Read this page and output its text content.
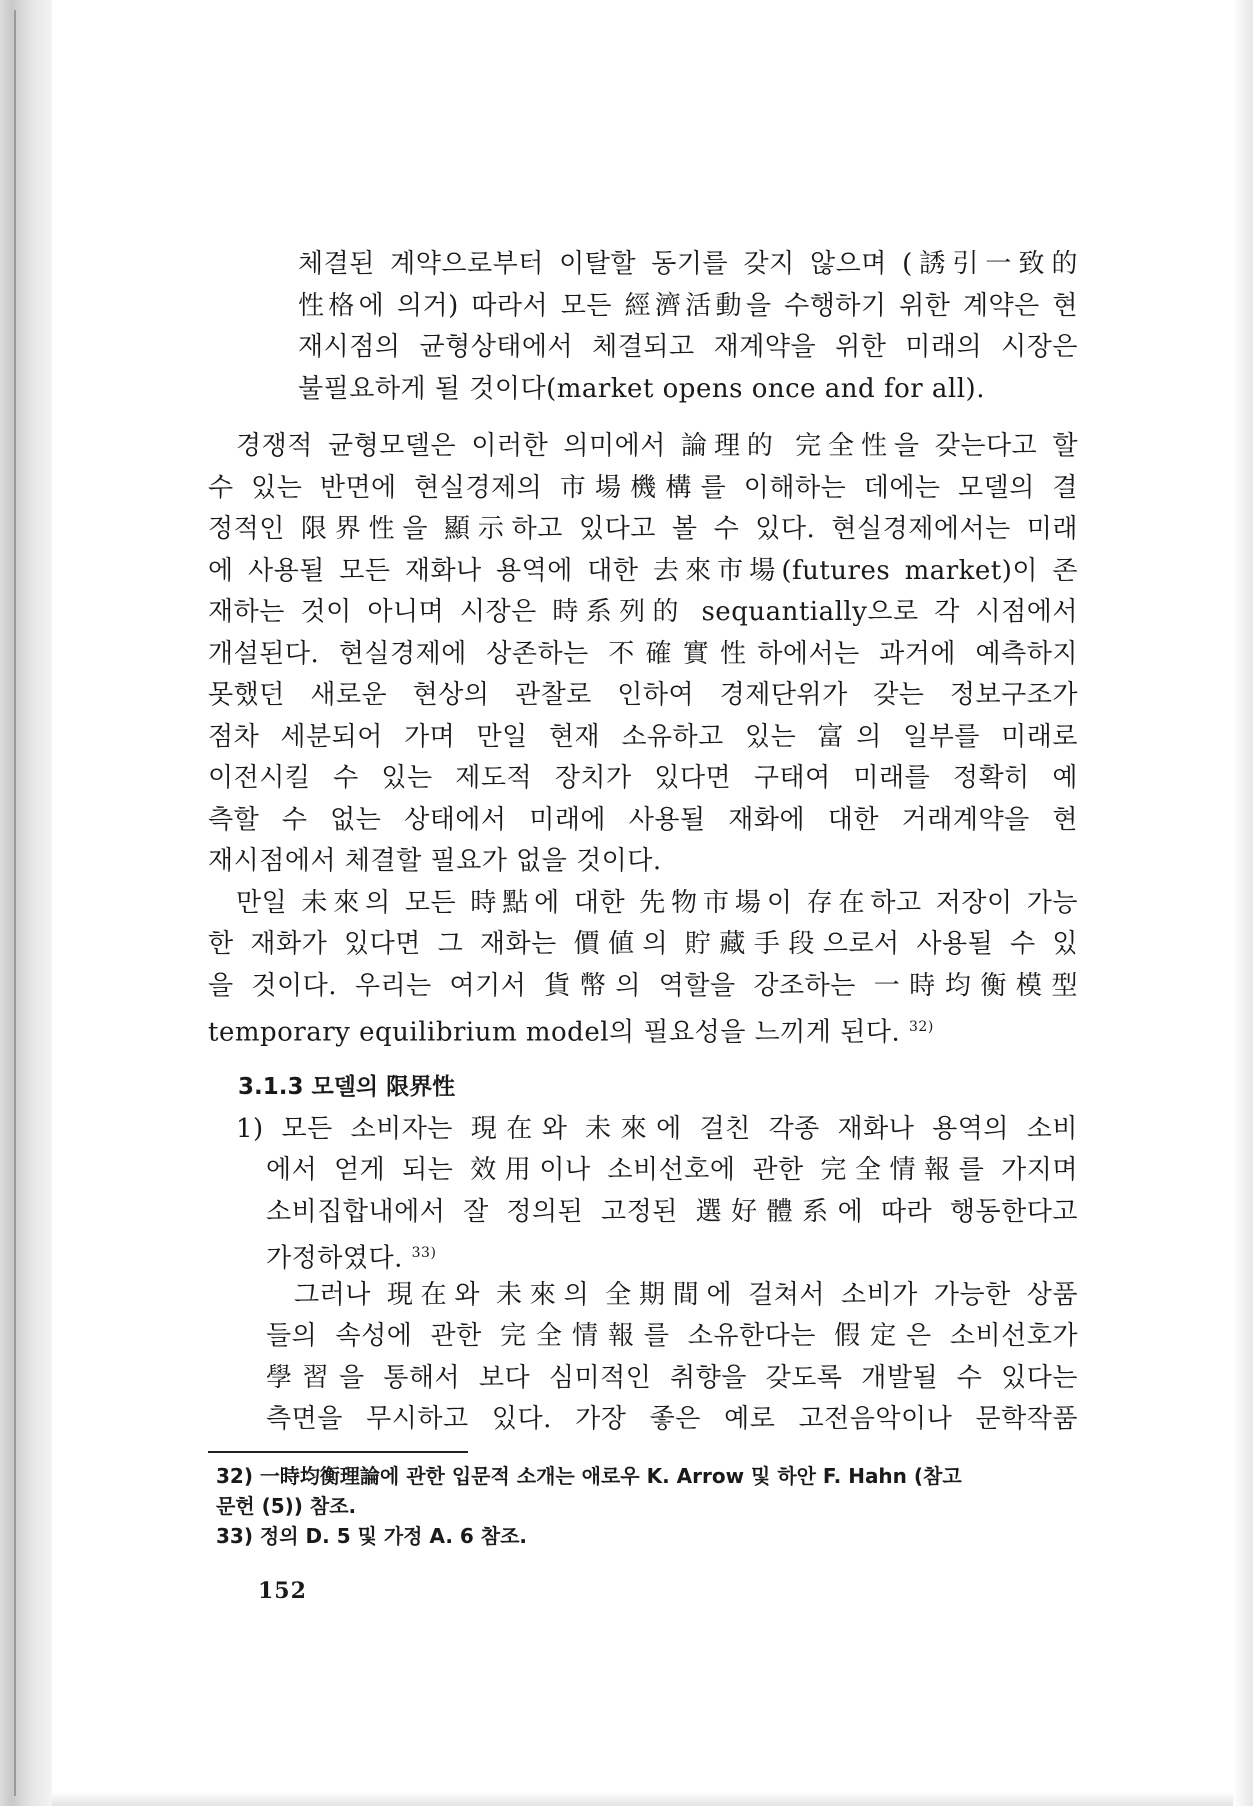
체결된 계약으로부터 이탈할 동기를 갖지 않으며 (誘引一致的
性格에 의거) 따라서 모든 經濟活動을 수행하기 위한 계약은 현
재시점의 균형상태에서 체결되고 재계약을 위한 미래의 시장은
불필요하게 될 것이다(market opens once and for all).
경쟁적 균형모델은 이러한 의미에서 論理的 完全性을 갖는다고 할
수 있는 반면에 현실경제의 市場機構를 이해하는 데에는 모델의 결
정적인 限界性을 顯示하고 있다고 볼 수 있다. 현실경제에서는 미래
에 사용될 모든 재화나 용역에 대한 去來市場(futures market)이 존
재하는 것이 아니며 시장은 時系列的 sequantially으로 각 시점에서
개설된다. 현실경제에 상존하는 不確實性하에서는 과거에 예측하지
못했던 새로운 현상의 관찰로 인하여 경제단위가 갖는 정보구조가
점차 세분되어 가며 만일 현재 소유하고 있는 富의 일부를 미래로
이전시킬 수 있는 제도적 장치가 있다면 구태여 미래를 정확히 예
측할 수 없는 상태에서 미래에 사용될 재화에 대한 거래계약을 현
재시점에서 체결할 필요가 없을 것이다.
만일 未來의 모든 時點에 대한 先物市場이 存在하고 저장이 가능
한 재화가 있다면 그 재화는 價値의 貯藏手段으로서 사용될 수 있
을 것이다. 우리는 여기서 貨幣의 역할을 강조하는 一時均衡模型
temporary equilibrium model의 필요성을 느끼게 된다. $^{32)}$
3.1.3 모델의 限界性
1) 모든 소비자는 現在와 未來에 걸친 각종 재화나 용역의 소비
에서 얻게 되는 效用이나 소비선호에 관한 完全情報를 가지며
소비집합내에서 잘 정의된 고정된 選好體系에 따라 행동한다고
가정하였다. $^{33)}$
그러나 現在와 未來의 全期間에 걸쳐서 소비가 가능한 상품
들의 속성에 관한 完全情報를 소유한다는 假定은 소비선호가
學習을 통해서 보다 심미적인 취향을 갖도록 개발될 수 있다는
측면을 무시하고 있다. 가장 좋은 예로 고전음악이나 문학작품
32) 一時均衡理論에 관한 입문적 소개는 애로우 K. Arrow 및 하안 F. Hahn (참고
문헌 (5)) 참조.
33) 정의 D. 5 및 가정 A. 6 참조.
152
